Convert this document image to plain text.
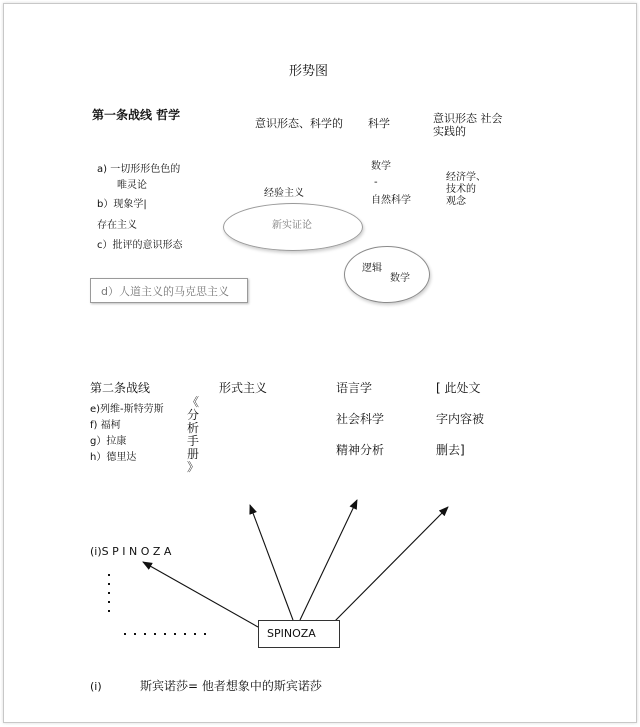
形势图
第一条战线 哲学
意识形态、科学的 科学	意识形态 社会
实践的
a) 一切形形色色的
唯灵论
b）现象学|
存在主义
c）批评的意识形态
d）人道主义的马克思主义
经验主义
新实证论
数学
-
自然科学
经济学、
技术的
观念
逻辑
数学
第二条战线
e)列维-斯特劳斯
f) 福柯
g）拉康
h）德里达
《
分
析
手
册
》
形式主义	语言学
社会科学
精神分析
[ 此处文
字内容被
删去]
(i)S P I N O Z A
SPINOZA
(i)	斯宾诺莎= 他者想象中的斯宾诺莎
